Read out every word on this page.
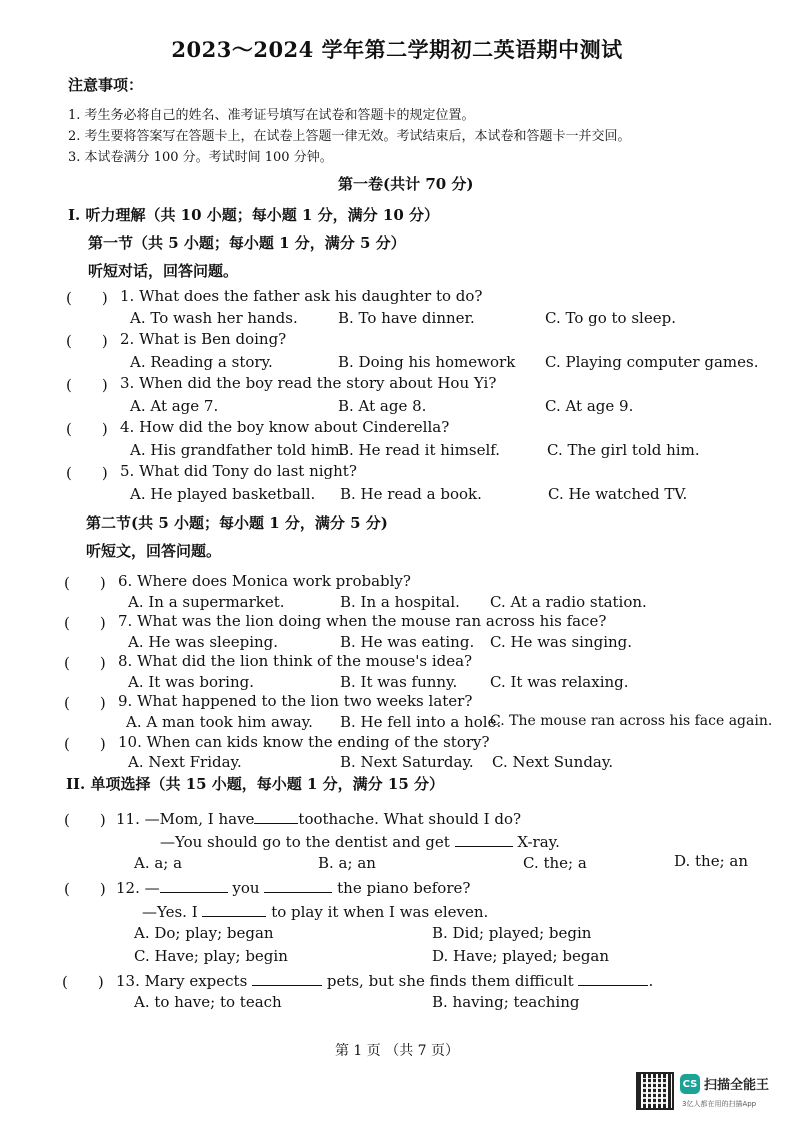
2023～2024 学年第二学期初二英语期中测试
注意事项：
1. 考生务必将自己的姓名、准考证号填写在试卷和答题卡的规定位置。
2. 考生要将答案写在答题卡上，在试卷上答题一律无效。考试结束后，本试卷和答题卡一并交回。
3. 本试卷满分 100 分。考试时间 100 分钟。
第一卷(共计 70 分)
I. 听力理解（共 10 小题；每小题 1 分，满分 10 分）
第一节（共 5 小题；每小题 1 分，满分 5 分）
听短对话，回答问题。
(　　) 1. What does the father ask his daughter to do?
A. To wash her hands.	B. To have dinner.	C. To go to sleep.
(　　) 2. What is Ben doing?
A. Reading a story.	B. Doing his homework C. Playing computer games.
(　　) 3. When did the boy read the story about Hou Yi?
A. At age 7.	B. At age 8.	C. At age 9.
(　　) 4. How did the boy know about Cinderella?
A. His grandfather told him.
B. He read it himself.	C. The girl told him.
(　　) 5. What did Tony do last night?
A. He played basketball. B. He read a book.	C. He watched TV.
第二节(共 5 小题；每小题 1 分，满分 5 分)
听短文，回答问题。
(　　) 6. Where does Monica work probably?
A. In a supermarket.	B. In a hospital. C. At a radio station.
(　　) 7. What was the lion doing when the mouse ran across his face?
A. He was sleeping.	B. He was eating. C. He was singing.
(　　) 8. What did the lion think of the mouse's idea?
A. It was boring.	B. It was funny. C. It was relaxing.
(　　) 9. What happened to the lion two weeks later?
A. A man took him away. B. He fell into a hole.
C. The mouse ran across his face again.
(　　) 10. When can kids know the ending of the story?
A. Next Friday.	B. Next Saturday. C. Next Sunday.
II. 单项选择（共 15 小题，每小题 1 分，满分 15 分）
(　　) 11. —Mom, I have	toothache. What should I do?
—You should go to the dentist and get	X-ray.
A. a; a	B. a; an	C. the; a	D. the; an
(　　) 12. —	you	the piano before?
—Yes. I	to play it when I was eleven.
A. Do; play; began	B. Did; played; begin
C. Have; play; begin	D. Have; played; began
(　　) 13. Mary expects	pets, but she finds them difficult	.
A. to have; to teach	B. having; teaching
第 1 页 （共 7 页）
CS 扫描全能王
3亿人都在用的扫描App
